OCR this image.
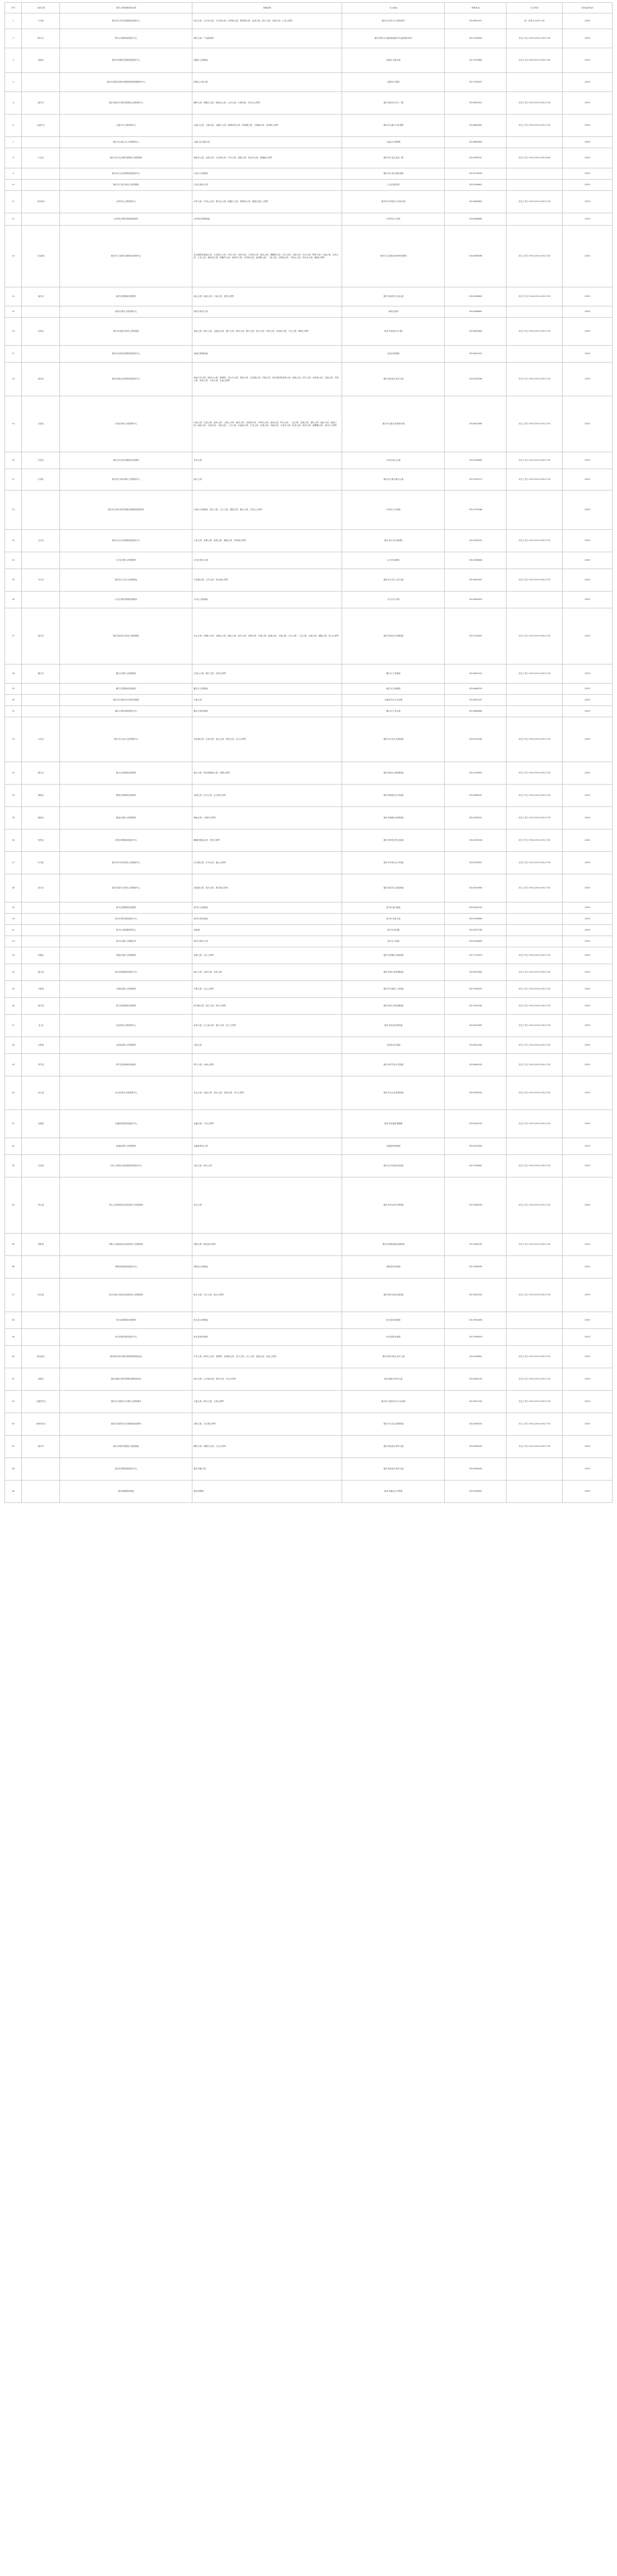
序号	行政区划	城市公园管理机构名称	管辖范围	办公地址	联系电话	办公时间	市民监督电话
1	万州区	重庆市万州区园林绿化管理中心	西山公园、太白岩公园、天生城公园、红岭峡公园、翠屏湖公园、北滨公园、滨江公园、南滨公园、五龙公园等	重庆市万州区太白路180号	023-58221871	周一至周五 9:00-17:00	12319
2	黔江区	黔江区园林绿化服务中心	城市公园、广场游园等	重庆市黔江区城西街道新华大道西段100号	023-79234836	法定工作日 9:00-12:00 14:30-17:30	12319
3	涪陵区	重庆市涪陵区园林绿化服务中心	涪陵区公园绿地	涪陵区太极大道	023-72276866	法定工作日 9:00-12:00 14:00-17:00	12319
4		重庆市涪陵区城市管理局园林管理服务中心	涪陵区江滨公园	涪陵区江滨路	023-72240007		12319
5	渝中区	重庆市渝中区城市管理局公园管理中心	鹅岭公园、佛图关公园、枇杷山公园、人民公园、山城步道、虎头岩公园等	重庆市渝中区长江一路	023-63870512	法定工作日 9:00-12:00 14:00-17:30	12319
6	大渡口区	大渡口区公园管理中心	大渡口公园、义渡公园、金鳌山公园、重钢崖线公园、钓鱼嘴公园、马桑溪公园、松青路公园等	重庆市大渡口区松青路	023-68832651	法定工作日 9:00-12:00 14:00-17:30	12319
7		重庆市大渡口区公园管理中心	大渡口区区属公园	大渡口区春晖路	023-68832652		12319
8	江北区	重庆市江北区城市管理局公园管理所	鸿恩寺公园、北滨公园、江北城公园、中央公园、嘉陵公园、铁山坪公园、溉澜溪公园等	重庆市江北区北滨一路	023-67867321	法定工作日 9:00-12:00 14:00-18:00	12319
9		重庆市江北区园林绿化服务中心	江北区公园绿地	重庆市江北区建新北路	023-67708239		12319
10		重庆市江北区城市公园管理处	江北区城市公园	江北区观音桥	023-67866601		12319
11	沙坪坝区	沙坪坝区公园管理中心	沙坪公园、平顶山公园、歌乐山公园、磁器口公园、梨树湾公园、嘉陵江滨江公园等	重庆市沙坪坝区小龙坎正街	023-65369861	法定工作日 9:00-12:00 14:00-17:30	12319
12		沙坪坝区城市管理局园林所	沙坪坝区园林绿地	沙坪坝区天星桥	023-65368866		12319
13	九龙坡区	重庆市九龙坡区园林绿化管理中心	彩云湖国家湿地公园、九龙滨江公园、华岩公园、龙凤公园、白市驿公园、西彭公园、铜罐驿公园、走马公园、石板公园、含谷公园、陶家公园、巴福公园、金凤公园、九龙公园、谢家湾公园、黄桷坪公园、杨家坪公园、石坪桥公园、渝州路公园、二郎公园、石桥铺公园、中梁山公园、华岩寺公园、跳磴公园等	重庆市九龙坡区杨家坪西郊路	023-68780088	法定工作日 9:00-12:00 14:00-17:30	12319
14	南岸区	南岸区园林绿化管理所	南山公园、南滨公园、江南公园、茶园公园等	重庆市南岸区江南大道	023-62988832	法定工作日 9:00-12:00 14:00-17:30	12319
15		南岸区城市公园管理中心	南岸区城市公园	南岸区南坪	023-62988831		12319
16	北碚区	重庆市北碚区城市公园管理处	北碚公园、缙云公园、北温泉公园、澄江公园、蔡家公园、歇马公园、复兴公园、东阳公园、龙凤桥公园、天生公园、静观公园等	重庆市北碚区中山路	023-68226466	法定工作日 9:00-12:00 14:00-17:30	12319
17		重庆市北碚区园林绿化服务中心	北碚区园林绿地	北碚区碚峡路	023-68211223		12319
18	渝北区	重庆市渝北区园林绿化服务中心	渝北中央公园、照母山公园、园博园、龙头寺公园、碧津公园、双龙湖公园、空港公园、两江国际影视城公园、仙桃公园、回兴公园、双凤桥公园、龙溪公园、龙塔公园、悦来公园、人和公园、礼嘉公园等	重庆市渝北区双龙大道	023-67812066	法定工作日 9:00-12:00 14:00-17:30	12319
19	巴南区	巴南区城市公园管理中心	巴南公园、巴滨公园、箭河公园、云篆山公园、南泉公园、龙洲湾公园、李家沱公园、鱼洞公园、界石公园、一品公园、花溪公园、惠民公园、融汇公园、渝南公园、南彭公园、木洞公园、丰盛公园、二圣公园、东温泉公园、石龙公园、石滩公园、安澜公园、天星寺公园、接龙公园、姜家公园、麻柳嘴公园、双河口公园等	重庆市巴南区鱼洞新市街	023-66222960	法定工作日 9:00-12:00 14:00-17:30	12319
20	长寿区	重庆市长寿区园林绿化管理所	长寿公园	长寿区凤山大道	023-40246826	法定工作日 9:00-12:00 14:00-17:30	12319
21	江津区	重庆市江津区城市公园管理中心	滨江公园	重庆市江津区鼎山大道	023-47522174	法定工作日 9:00-12:00 14:00-17:30	12319
22		重庆市江津区城市管理局园林绿化服务所	江津区公园绿地、滨江公园、几江公园、德感公园、鼎山公园、艾坪山公园等	江津区几江街道	023-47570068		12319
23	合川区	重庆市合川区园林绿化服务中心	人民公园、花滩公园、南屏公园、嘉陵公园、钓鱼城公园等	重庆市合川区南津街	023-42821223	法定工作日 9:00-12:00 14:00-17:30	12319
24		合川区城市公园管理所	合川区城市公园	合川区南津街	023-42826866		12319
25	永川区	重庆市永川区公园管理处	兴龙湖公园、人民公园、神女湖公园等	重庆市永川区人民大道	023-49813421	法定工作日 9:00-12:00 14:00-17:30	12319
26		永川区城市管理局园林所	永川区公园绿地	永川区中山路	023-49815678		12319
27	南川区	重庆市南川区城市公园管理处	东山公园、凤嘴江公园、金佛山公园、隆化公园、南平公园、西城公园、东城公园、南城公园、大观公园、水江公园、三泉公园、头渡公园、德隆公园、鸣玉公园等	重庆市南川区东城街道	023-71424591	法定工作日 9:00-12:00 14:00-17:30	12319
28	綦江区	綦江区城市公园管理处	古剑山公园、綦江公园、沱湾公园等	綦江区文龙街道	023-48671123	法定工作日 9:00-12:00 14:00-17:30	12319
29		綦江区园林绿化管理所	綦江区公园绿地	綦江区古南街道	023-48662233		12319
30		重庆市万盛经开区城市管理局	万盛公园	万盛经开区万东北路	023-48271122		12319
31		綦江区城市绿化服务中心	綦江区城市绿地	綦江区九龙大道	023-48665566		12319
32	大足区	重庆市大足区公园管理中心	龙水湖公园、宝顶公园、南山公园、棠香公园、北山公园等	重庆市大足区龙岗街道	023-43721158	法定工作日 9:00-12:00 14:00-17:30	12319
33	璧山区	璧山区园林绿化管理所	璧山公园、观音塘湿地公园、秀湖公园等	重庆市璧山区璧城街道	023-41425831	法定工作日 9:00-12:00 14:00-17:30	12319
34	铜梁区	铜梁区园林绿化管理所	龙城公园、巴川公园、玄天湖公园等	重庆市铜梁区巴川街道	023-45652231	法定工作日 9:00-12:00 14:00-17:30	12319
35	潼南区	潼南区城市公园管理处	潼南公园、大佛寺公园等	重庆市潼南区桂林街道	023-44553321	法定工作日 9:00-12:00 14:00-17:30	12319
36	荣昌区	荣昌区园林绿化服务中心	濑溪河湿地公园、荣昌公园等	重庆市荣昌区昌元街道	023-46732458	法定工作日 9:00-12:00 14:00-17:30	12319
37	开州区	重庆市开州区城市公园管理中心	汉丰湖公园、开州公园、盛山公园等	重庆市开州区汉丰街道	023-52226811	法定工作日 9:00-12:00 14:00-17:30	12319
38	梁平区	重庆市梁平区城市公园管理中心	双桂湖公园、梁平公园、滑石寨公园等	重庆市梁平区双桂街道	023-53232655	法定工作日 9:00-12:00 14:00-17:30	12319
39		梁平区园林绿化管理所	梁平区公园绿地	梁平区梁山街道	023-53231245		12319
40		梁平区城市绿化服务中心	梁平区城市绿地	梁平区名豪大道	023-53235566		12319
41		梁平区双桂湖管理中心	双桂湖	梁平区双桂湖	023-53237788		12319
42		梁平区城市公园服务所	梁平区城市公园	梁平区人民路	023-53238899		12319
43	武隆区	武隆区城市公园管理所	芙蓉公园、乌江公园等	重庆市武隆区芙蓉街道	023-77723476	法定工作日 9:00-12:00 14:00-17:30	12319
44	城口县	城口县园林绿化服务中心	城口公园、北屏公园、鸡鸣公园	重庆市城口县葛城街道	023-59223456	法定工作日 9:00-12:00 14:30-17:30	12319
45	丰都县	丰都县城市公园管理所	丰都公园、名山公园等	重庆市丰都县三合街道	023-70603322	法定工作日 9:00-12:00 14:30-17:30	12319
46	垫江县	垫江县园林绿化管理所	牡丹湖公园、垫江公园、明月公园等	重庆市垫江县桂溪街道	023-74512345	法定工作日 9:00-12:00 14:30-17:30	12319
47	忠 县	忠县城市公园管理中心	忠州公园、白公祠公园、滨江公园、巴王公园等	重庆市忠县忠州街道	023-54234567	法定工作日 9:00-12:00 14:30-17:30	12319
48	云阳县	云阳县城市公园管理所	云阳公园	云阳县双江街道	023-55112345	法定工作日 9:00-12:00 14:30-17:30	12319
49	奉节县	奉节县园林绿化管理所	奉节公园、诗城公园等	重庆市奉节县永安街道	023-56551234	法定工作日 9:00-12:00 14:30-17:30	12319
50	巫山县	巫山县城市公园管理中心	巫山公园、高唐公园、神女公园、巫峡公园、龙门公园等	重庆市巫山县高唐街道	023-57682345	法定工作日 9:00-12:00 14:30-17:30	12319
51	巫溪县	巫溪县园林绿化服务中心	巫溪公园、宁河公园等	重庆市巫溪县城厢镇	023-51521234	法定工作日 9:00-12:00 14:30-17:30	12319
52		巫溪县城市公园管理所	巫溪县城市公园	巫溪县柏杨街道	023-51523456		12319
53	石柱县	石柱土家族自治县园林绿化服务中心	石柱公园、黄水公园	重庆市石柱县南宾街道	023-73334567	法定工作日 9:00-12:00 14:30-17:30	12319
54	秀山县	秀山土家族苗族自治县城市公园管理所	秀山公园	重庆市秀山县中和街道	023-76662345	法定工作日 9:00-12:00 14:30-17:30	12319
55	酉阳县	酉阳土家族苗族自治县城市公园管理所	酉阳公园、桃花源公园等	重庆市酉阳县桃花源街道	023-75551234	法定工作日 9:00-12:00 14:30-17:30	12319
56		酉阳县园林绿化服务中心	酉阳县公园绿地	酉阳县钟多街道	023-75553456		12319
57	彭水县	彭水苗族土家族自治县城市公园管理所	彭水公园、乌江公园、郁山公园等	重庆市彭水县汉葭街道	023-78441234	法定工作日 9:00-12:00 14:30-17:30	12319
58		彭水县园林绿化管理所	彭水县公园绿地	彭水县绍庆街道	023-78443456		12319
59		彭水县城市绿化服务中心	彭水县城市绿地	彭水县靛水街道	023-78445678		12319
60	两江新区	重庆两江新区城市管理局园林绿化处	中央公园、照母山公园、园博园、金海湾公园、龙兴公园、水土公园、复盛公园、鱼复公园等	重庆市两江新区金开大道	023-67468811	法定工作日 9:00-12:00 14:00-17:30	12319
61	高新区	重庆高新区城市管理局园林绿化处	西永公园、大学城公园、曾家公园、含谷公园等	重庆高新区科学大道	023-65351234	法定工作日 9:00-12:00 14:00-17:30	12319
62	万盛经开区	重庆市万盛经开区城市公园管理所	万盛公园、黑山公园、石林公园等	重庆市万盛经开区万东北路	023-48271234	法定工作日 9:00-12:00 14:00-17:30	12319
63	双桥经开区	重庆市双桥经开区园林绿化管理所	双桥公园、龙水湖公园等	重庆市大足区双桥街道	023-43381234	法定工作日 9:00-12:00 14:00-17:30	12319
64	重庆市	重庆市城市管理局公园管理处	鹅岭公园、佛图关公园、人民公园等	重庆市渝北区春华大道	023-67862345	法定工作日 9:00-12:00 14:00-17:30	12319
65		重庆市园林绿化服务中心	重庆市属公园	重庆市渝北区春华大道	023-67863456		12319
66		重庆园博园管理处	重庆园博园	重庆市渝北区龙景路	023-67864567		12319
